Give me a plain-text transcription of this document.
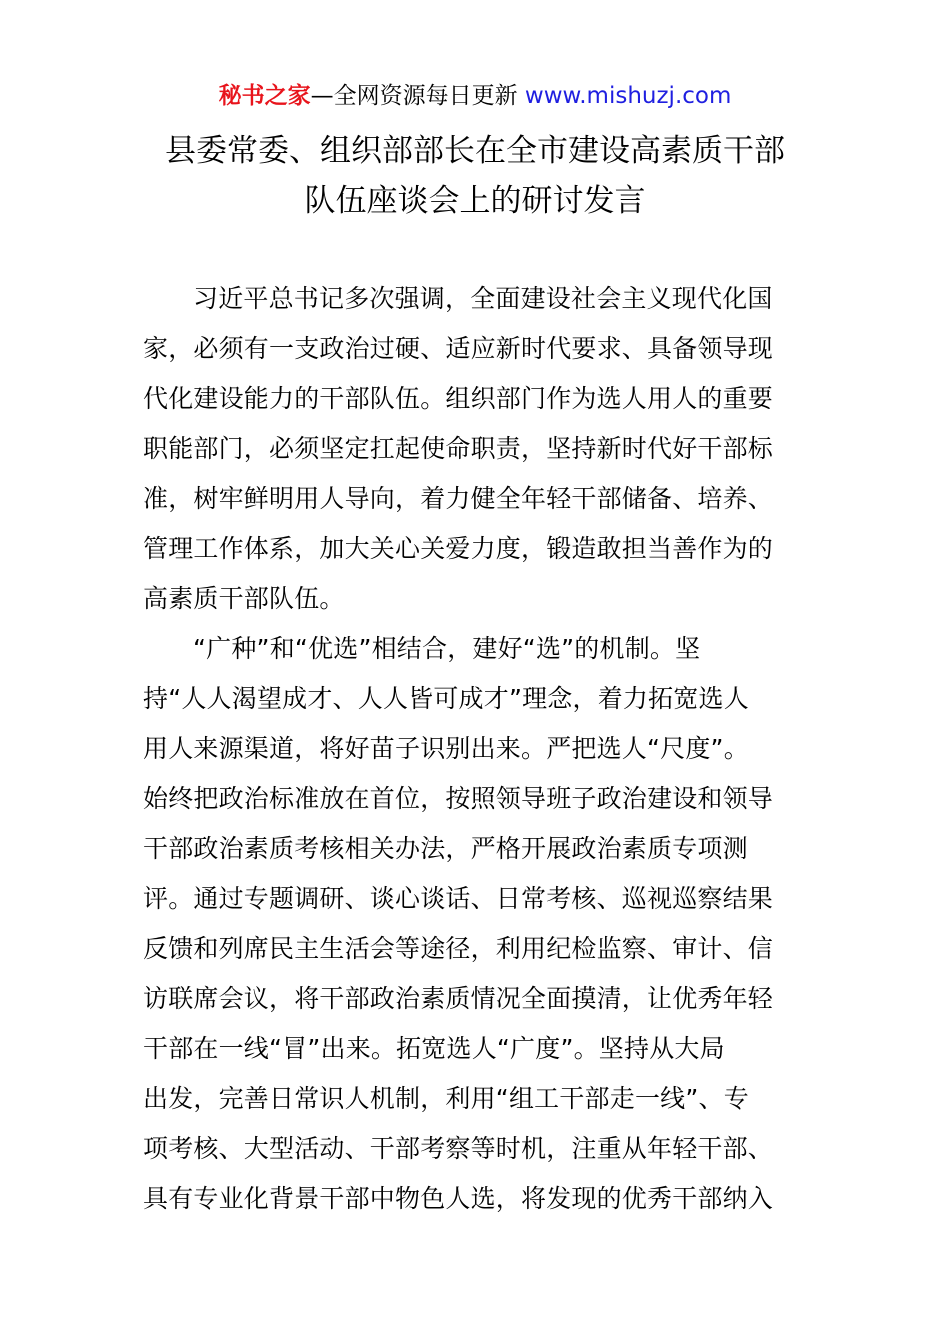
秘书之家—全网资源每日更新 www.mishuzj.com
县委常委、组织部部长在全市建设高素质干部
队伍座谈会上的研讨发言
习近平总书记多次强调，全面建设社会主义现代化国
家，必须有一支政治过硬、适应新时代要求、具备领导现
代化建设能力的干部队伍。组织部门作为选人用人的重要
职能部门，必须坚定扛起使命职责，坚持新时代好干部标
准，树牢鲜明用人导向，着力健全年轻干部储备、培养、
管理工作体系，加大关心关爱力度，锻造敢担当善作为的
高素质干部队伍。
“广种”和“优选”相结合，建好“选”的机制。坚
持“人人渴望成才、人人皆可成才”理念，着力拓宽选人
用人来源渠道，将好苗子识别出来。严把选人“尺度”。
始终把政治标准放在首位，按照领导班子政治建设和领导
干部政治素质考核相关办法，严格开展政治素质专项测
评。通过专题调研、谈心谈话、日常考核、巡视巡察结果
反馈和列席民主生活会等途径，利用纪检监察、审计、信
访联席会议，将干部政治素质情况全面摸清，让优秀年轻
干部在一线“冒”出来。拓宽选人“广度”。坚持从大局
出发，完善日常识人机制，利用“组工干部走一线”、专
项考核、大型活动、干部考察等时机，注重从年轻干部、
具有专业化背景干部中物色人选，将发现的优秀干部纳入
